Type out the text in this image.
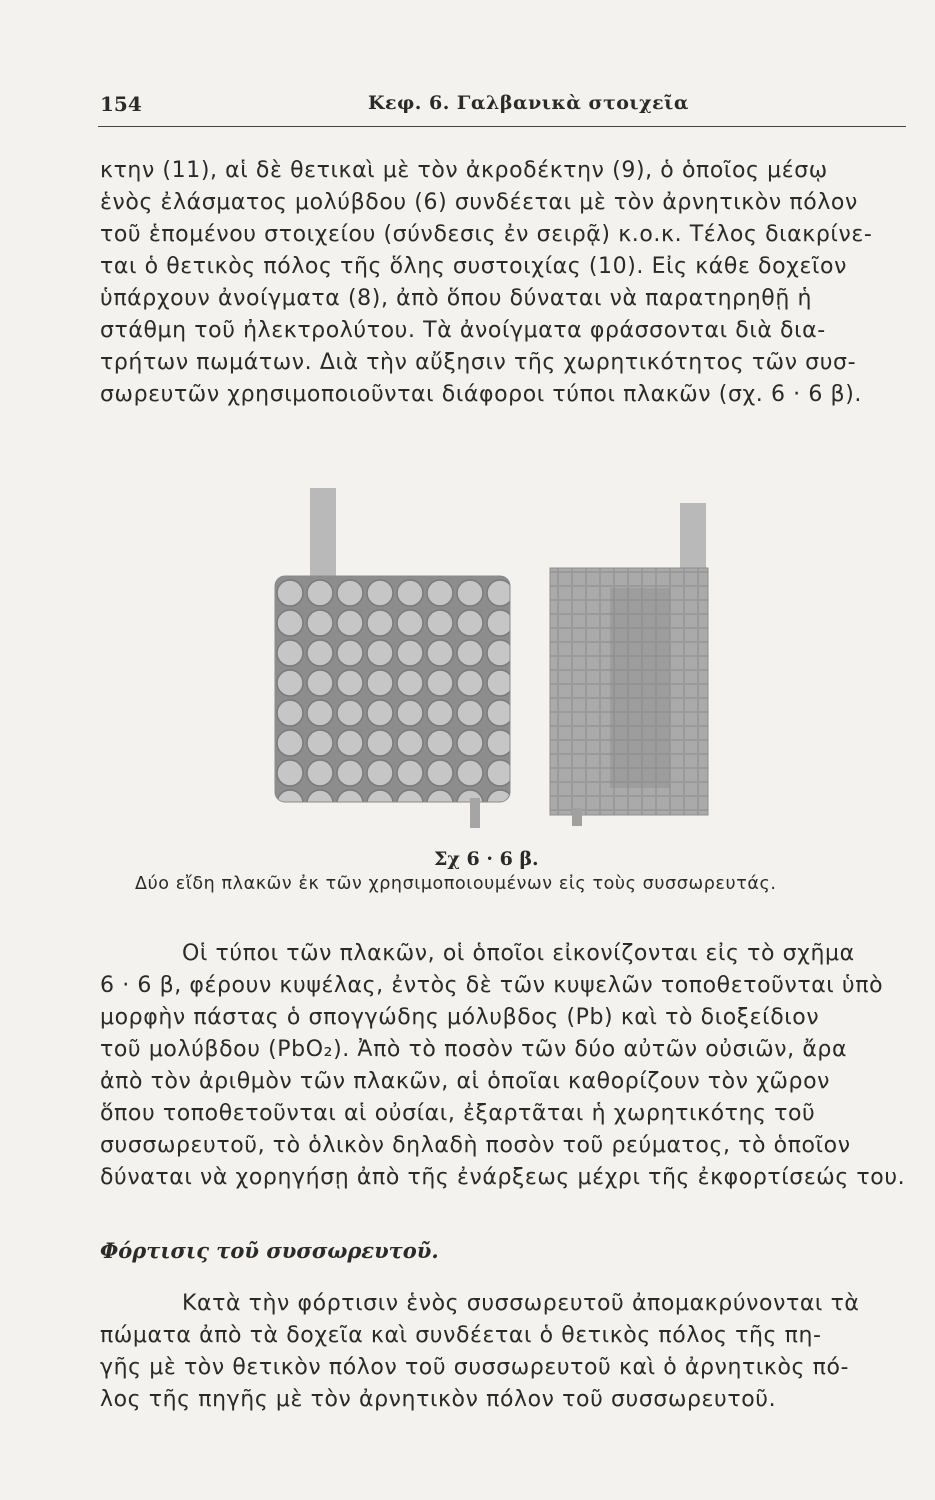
154	Κεφ. 6. Γαλβανικὰ στοιχεῖα
κτην (11), αἱ δὲ θετικαὶ μὲ τὸν ἀκροδέκτην (9), ὁ ὁποῖος μέσῳ
ἑνὸς ἐλάσματος μολύβδου (6) συνδέεται μὲ τὸν ἀρνητικὸν πόλον
τοῦ ἑπομένου στοιχείου (σύνδεσις ἐν σειρᾷ) κ.ο.κ. Τέλος διακρίνε-
ται ὁ θετικὸς πόλος τῆς ὅλης συστοιχίας (10). Εἰς κάθε δοχεῖον
ὑπάρχουν ἀνοίγματα (8), ἀπὸ ὅπου δύναται νὰ παρατηρηθῇ ἡ
στάθμη τοῦ ἠλεκτρολύτου. Τὰ ἀνοίγματα φράσσονται διὰ δια-
τρήτων πωμάτων. Διὰ τὴν αὔξησιν τῆς χωρητικότητος τῶν συσ-
σωρευτῶν χρησιμοποιοῦνται διάφοροι τύποι πλακῶν (σχ. 6 · 6 β).
Σχ 6 · 6 β.
Δύο εἴδη πλακῶν ἐκ τῶν χρησιμοποιουμένων εἰς τοὺς συσσωρευτάς.
Οἱ τύποι τῶν πλακῶν, οἱ ὁποῖοι εἰκονίζονται εἰς τὸ σχῆμα
6 · 6 β, φέρουν κυψέλας, ἐντὸς δὲ τῶν κυψελῶν τοποθετοῦνται ὑπὸ
μορφὴν πάστας ὁ σπογγώδης μόλυβδος (Pb) καὶ τὸ διοξείδιον
τοῦ μολύβδου (PbO₂). Ἀπὸ τὸ ποσὸν τῶν δύο αὐτῶν οὐσιῶν, ἄρα
ἀπὸ τὸν ἀριθμὸν τῶν πλακῶν, αἱ ὁποῖαι καθορίζουν τὸν χῶρον
ὅπου τοποθετοῦνται αἱ οὐσίαι, ἐξαρτᾶται ἡ χωρητικότης τοῦ
συσσωρευτοῦ, τὸ ὁλικὸν δηλαδὴ ποσὸν τοῦ ρεύματος, τὸ ὁποῖον
δύναται νὰ χορηγήσῃ ἀπὸ τῆς ἐνάρξεως μέχρι τῆς ἐκφορτίσεώς του.
Φόρτισις τοῦ συσσωρευτοῦ.
Κατὰ τὴν φόρτισιν ἑνὸς συσσωρευτοῦ ἀπομακρύνονται τὰ
πώματα ἀπὸ τὰ δοχεῖα καὶ συνδέεται ὁ θετικὸς πόλος τῆς πη-
γῆς μὲ τὸν θετικὸν πόλον τοῦ συσσωρευτοῦ καὶ ὁ ἀρνητικὸς πό-
λος τῆς πηγῆς μὲ τὸν ἀρνητικὸν πόλον τοῦ συσσωρευτοῦ.
